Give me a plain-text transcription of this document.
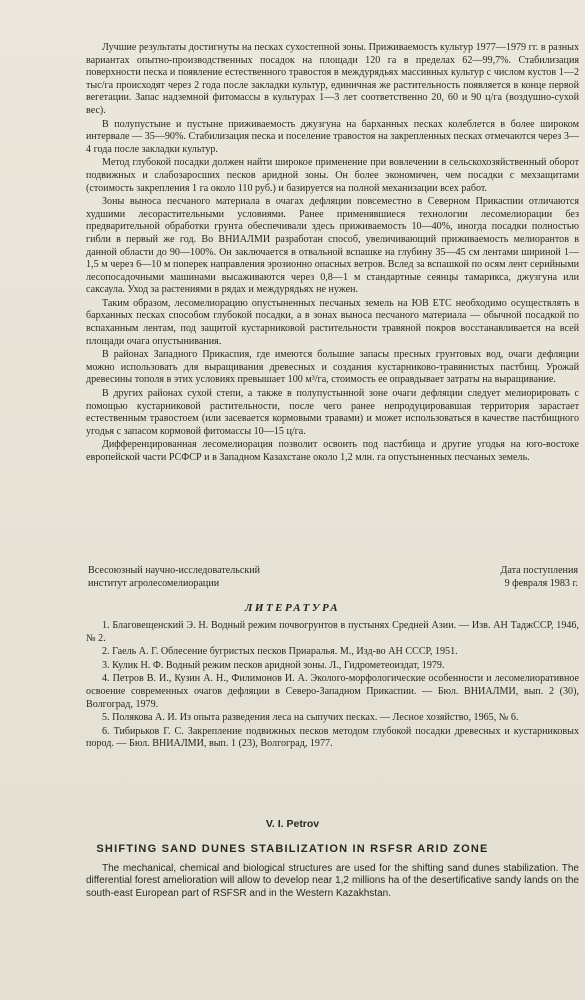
Лучшие результаты достигнуты на песках сухостепной зоны. Приживаемость культур 1977—1979 гг. в разных вариантах опытно-производственных посадок на площади 120 га в пределах 62—99,7%. Стабилизация поверхности песка и появление естественного травостоя в междурядьях массивных культур с числом кустов 1—2 тыс/га происходят через 2 года после закладки культур, единичная же растительность появляется в конце первой вегетации. Запас надземной фитомассы в культурах 1—3 лет соответственно 20, 60 и 90 ц/га (воздушно-сухой вес).

В полупустыне и пустыне приживаемость джузгуна на барханных песках колеблется в более широком интервале — 35—90%. Стабилизация песка и поселение травостоя на закрепленных песках отмечаются через 3—4 года после закладки культур.

Метод глубокой посадки должен найти широкое применение при вовлечении в сельскохозяйственный оборот подвижных и слабозаросших песков аридной зоны. Он более экономичен, чем посадки с мехзащитами (стоимость закрепления 1 га около 110 руб.) и базируется на полной механизации всех работ.

Зоны выноса песчаного материала в очагах дефляции повсеместно в Северном Прикаспии отличаются худшими лесорастительными условиями. Ранее применявшиеся технологии лесомелиорации без предварительной обработки грунта обеспечивали здесь приживаемость 10—40%, иногда посадки полностью гибли в первый же год. Во ВНИАЛМИ разработан способ, увеличивающий приживаемость мелиорантов в данной области до 90—100%. Он заключается в отвальной вспашке на глубину 35—45 см лентами шириной 1—1,5 м через 6—10 м поперек направления эрозионно опасных ветров. Вслед за вспашкой по осям лент серийными лесопосадочными машинами высаживаются через 0,8—1 м стандартные сеянцы тамарикса, джузгуна или саксаула. Уход за растениями в рядах и междурядьях не нужен.

Таким образом, лесомелиорацию опустыненных песчаных земель на ЮВ ЕТС необходимо осуществлять в барханных песках способом глубокой посадки, а в зонах выноса песчаного материала — обычной посадкой по вспаханным лентам, под защитой кустарниковой растительности травяной покров восстанавливается на всей площади очага опустынивания.

В районах Западного Прикаспия, где имеются большие запасы пресных грунтовых вод, очаги дефляции можно использовать для выращивания древесных и создания кустарниково-травянистых пастбищ. Урожай древесины тополя в этих условиях превышает 100 м³/га, стоимость ее оправдывает затраты на выращивание.

В других районах сухой степи, а также в полупустынной зоне очаги дефляции следует мелиорировать с помощью кустарниковой растительности, после чего ранее непродуцировавшая территория зарастает естественным травостоем (или засевается кормовыми травами) и может использоваться в качестве пастбищного угодья с запасом кормовой фитомассы 10—15 ц/га.

Дифференцированная лесомелиорация позволит освоить под пастбища и другие угодья на юго-востоке европейской части РСФСР и в Западном Казахстане около 1,2 млн. га опустыненных песчаных земель.

Всесоюзный научно-исследовательский
институт агролесомелиорации
Дата поступления
9 февраля 1983 г.
ЛИТЕРАТУРА
1. Благовещенский Э. Н. Водный режим почвогрунтов в пустынях Средней Азии. — Изв. АН ТаджССР, 1946, № 2.
2. Гаель А. Г. Облесение бугристых песков Приаралья. М., Изд-во АН СССР, 1951.
3. Кулик Н. Ф. Водный режим песков аридной зоны. Л., Гидрометеоиздат, 1979.
4. Петров В. И., Кузин А. Н., Филимонов И. А. Эколого-морфологические особенности и лесомелиоративное освоение современных очагов дефляции в Северо-Западном Прикаспии. — Бюл. ВНИАЛМИ, вып. 2 (30), Волгоград, 1979.
5. Полякова А. И. Из опыта разведения леса на сыпучих песках. — Лесное хозяйство, 1965, № 6.
6. Тибирьков Г. С. Закрепление подвижных песков методом глубокой посадки древесных и кустарниковых пород. — Бюл. ВНИАЛМИ, вып. 1 (23), Волгоград, 1977.
V. I. Petrov
SHIFTING SAND DUNES STABILIZATION IN RSFSR ARID ZONE
The mechanical, chemical and biological structures are used for the shifting sand dunes stabilization. The differential forest amelioration will allow to develop near 1,2 millions ha of the desertificative sandy lands on the south-east European part of RSFSR and in the Western Kazakhstan.
